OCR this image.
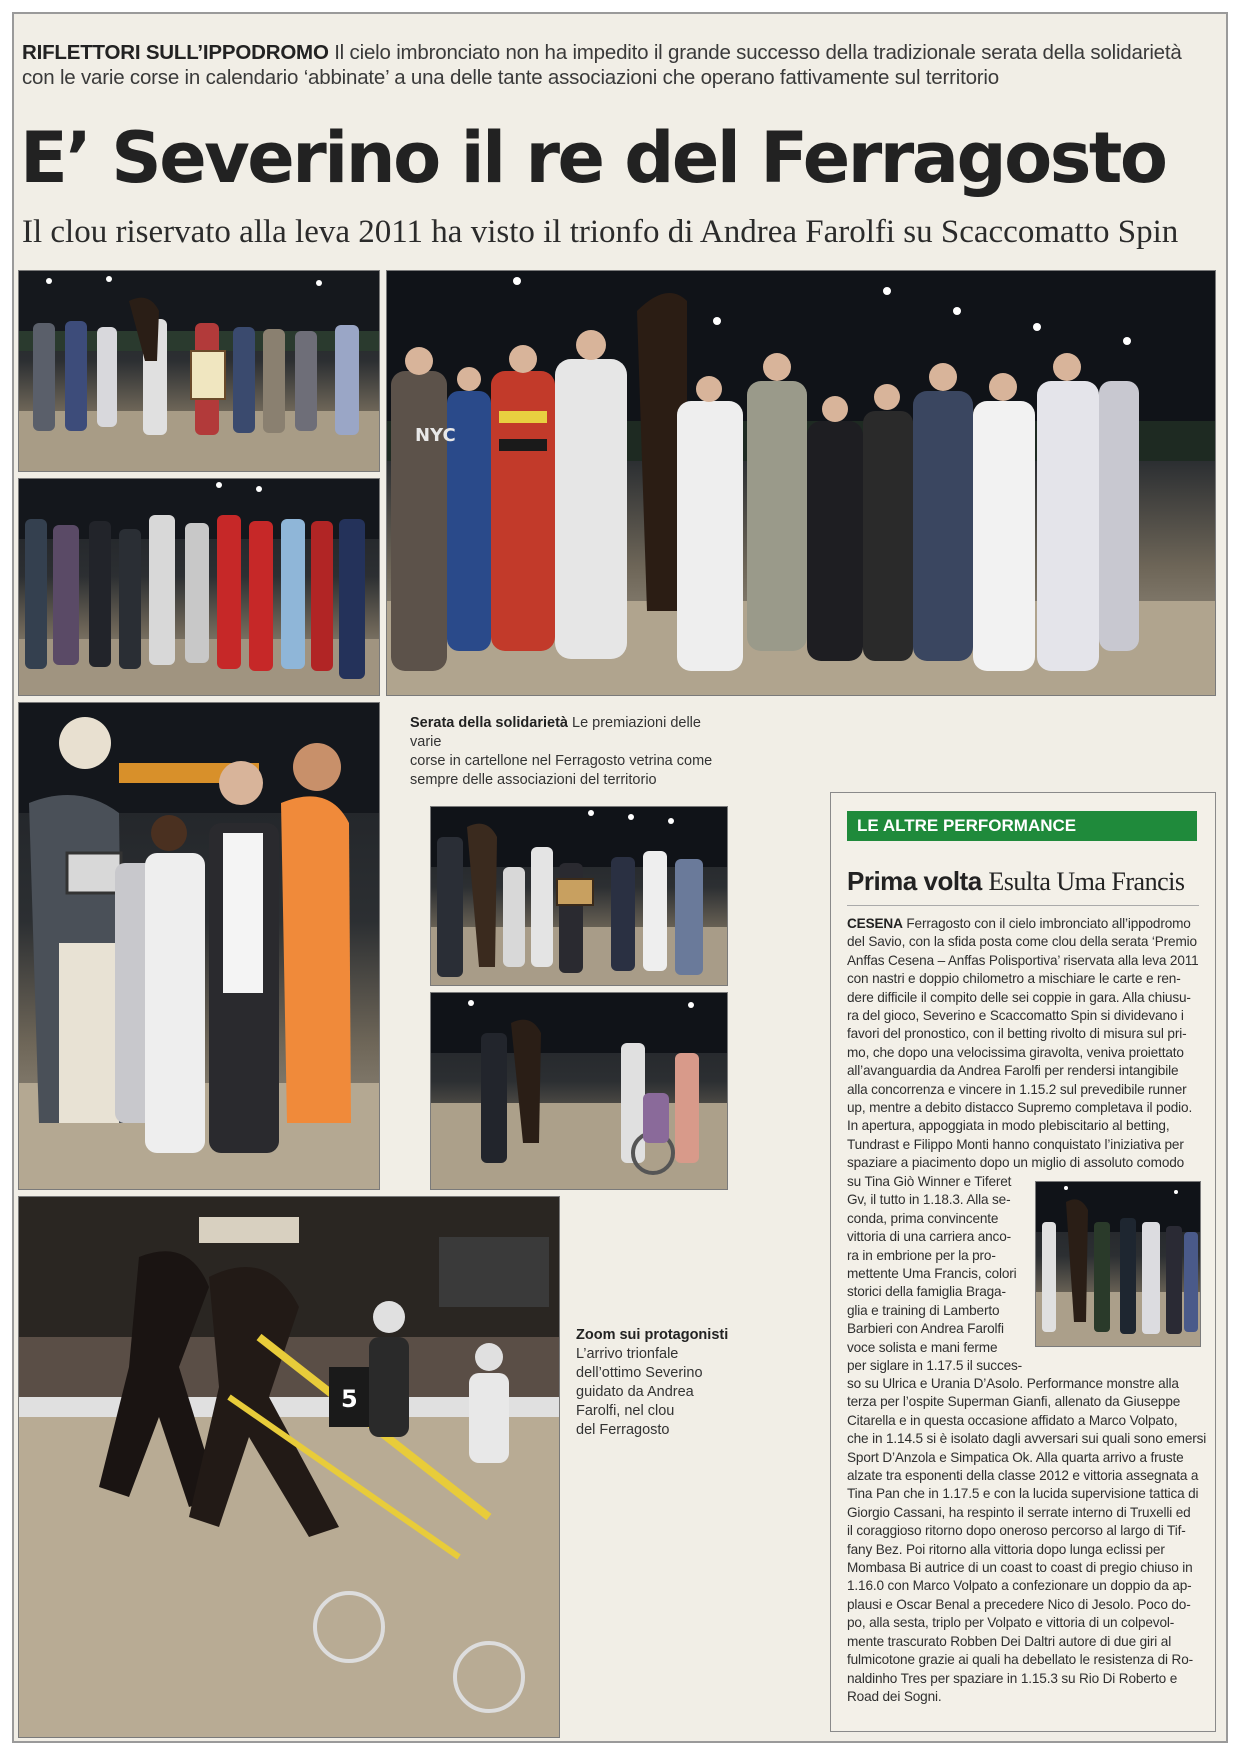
RIFLETTORI SULL’IPPODROMO Il cielo imbronciato non ha impedito il grande successo della tradizionale serata della solidarietà
con le varie corse in calendario ‘abbinate’ a una delle tante associazioni che operano fattivamente sul territorio
E’ Severino il re del Ferragosto
Il clou riservato alla leva 2011 ha visto il trionfo di Andrea Farolfi su Scaccomatto Spin
NYC
Serata della solidarietà Le premiazioni delle varie
corse in cartellone nel Ferragosto vetrina come
sempre delle associazioni del territorio
5
Zoom sui protagonisti
L’arrivo trionfale
dell’ottimo Severino
guidato da Andrea
Farolfi, nel clou
del Ferragosto
LE ALTRE PERFORMANCE
Prima volta Esulta Uma Francis
CESENA Ferragosto con il cielo imbronciato all’ippodromo
del Savio, con la sfida posta come clou della serata ‘Premio
Anffas Cesena – Anffas Polisportiva’ riservata alla leva 2011
con nastri e doppio chilometro a mischiare le carte e ren-
dere difficile il compito delle sei coppie in gara. Alla chiusu-
ra del gioco, Severino e Scaccomatto Spin si dividevano i
favori del pronostico, con il betting rivolto di misura sul pri-
mo, che dopo una velocissima giravolta, veniva proiettato
all’avanguardia da Andrea Farolfi per rendersi intangibile
alla concorrenza e vincere in 1.15.2 sul prevedibile runner
up, mentre a debito distacco Supremo completava il podio.
In apertura, appoggiata in modo plebiscitario al betting,
Tundrast e Filippo Monti hanno conquistato l’iniziativa per
spaziare a piacimento dopo un miglio di assoluto comodo
su Tina Giò Winner e Tiferet
Gv, il tutto in 1.18.3. Alla se-
conda, prima convincente
vittoria di una carriera anco-
ra in embrione per la pro-
mettente Uma Francis, colori
storici della famiglia Braga-
glia e training di Lamberto
Barbieri con Andrea Farolfi
voce solista e mani ferme
per siglare in 1.17.5 il succes-
so su Ulrica e Urania D’Asolo. Performance monstre alla
terza per l’ospite Superman Gianfi, allenato da Giuseppe
Citarella e in questa occasione affidato a Marco Volpato,
che in 1.14.5 si è isolato dagli avversari sui quali sono emersi
Sport D’Anzola e Simpatica Ok. Alla quarta arrivo a fruste
alzate tra esponenti della classe 2012 e vittoria assegnata a
Tina Pan che in 1.17.5 e con la lucida supervisione tattica di
Giorgio Cassani, ha respinto il serrate interno di Truxelli ed
il coraggioso ritorno dopo oneroso percorso al largo di Tif-
fany Bez. Poi ritorno alla vittoria dopo lunga eclissi per
Mombasa Bi autrice di un coast to coast di pregio chiuso in
1.16.0 con Marco Volpato a confezionare un doppio da ap-
plausi e Oscar Benal a precedere Nico di Jesolo. Poco do-
po, alla sesta, triplo per Volpato e vittoria di un colpevol-
mente trascurato Robben Dei Daltri autore di due giri al
fulmicotone grazie ai quali ha debellato le resistenza di Ro-
naldinho Tres per spaziare in 1.15.3 su Rio Di Roberto e
Road dei Sogni.
